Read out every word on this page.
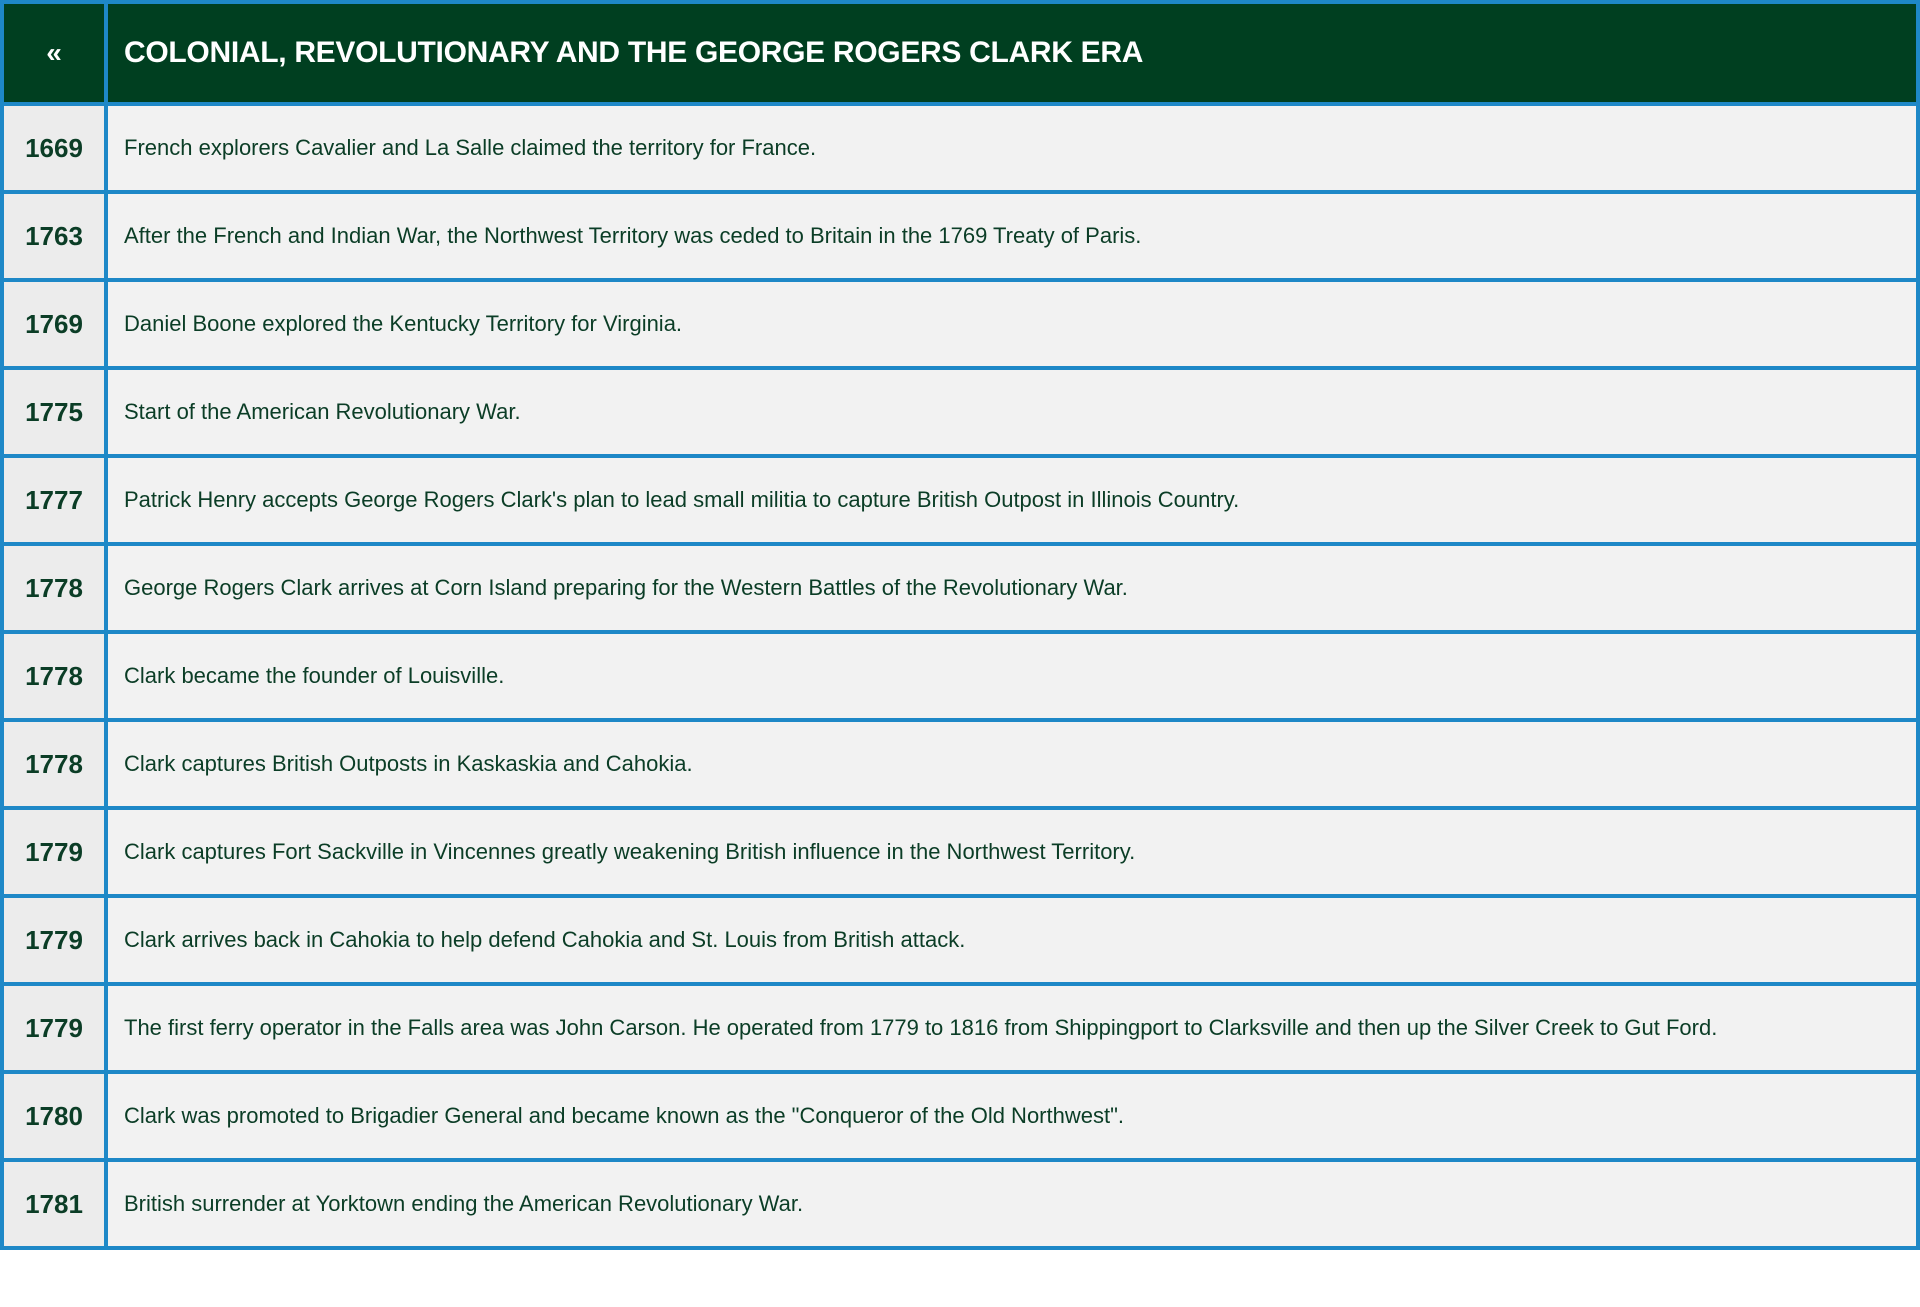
«	COLONIAL, REVOLUTIONARY AND THE GEORGE ROGERS CLARK ERA
1669	French explorers Cavalier and La Salle claimed the territory for France.
1763	After the French and Indian War, the Northwest Territory was ceded to Britain in the 1769 Treaty of Paris.
1769	Daniel Boone explored the Kentucky Territory for Virginia.
1775	Start of the American Revolutionary War.
1777	Patrick Henry accepts George Rogers Clark's plan to lead small militia to capture British Outpost in Illinois Country.
1778	George Rogers Clark arrives at Corn Island preparing for the Western Battles of the Revolutionary War.
1778	Clark became the founder of Louisville.
1778	Clark captures British Outposts in Kaskaskia and Cahokia.
1779	Clark captures Fort Sackville in Vincennes greatly weakening British influence in the Northwest Territory.
1779	Clark arrives back in Cahokia to help defend Cahokia and St. Louis from British attack.
1779	The first ferry operator in the Falls area was John Carson. He operated from 1779 to 1816 from Shippingport to Clarksville and then up the Silver Creek to Gut Ford.
1780	Clark was promoted to Brigadier General and became known as the "Conqueror of the Old Northwest".
1781	British surrender at Yorktown ending the American Revolutionary War.
